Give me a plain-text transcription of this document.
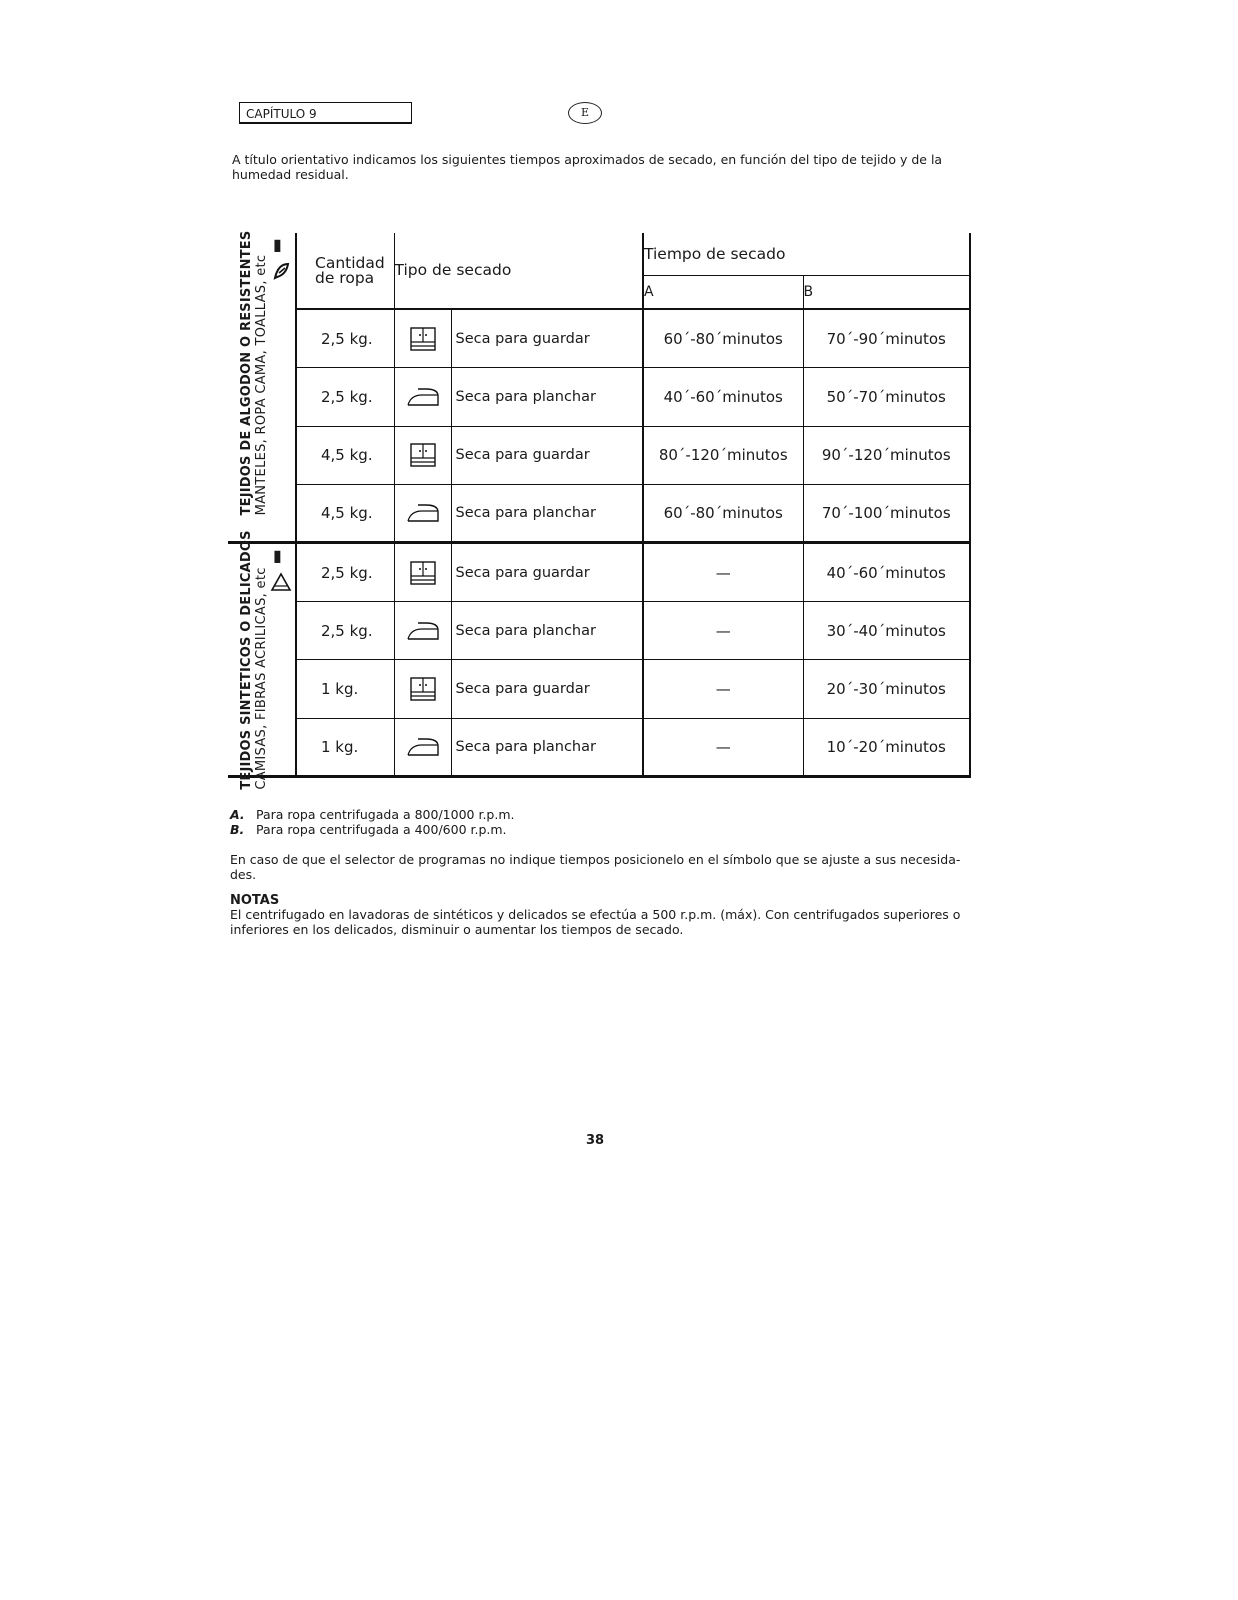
CAPÍTULO 9	E
A título orientativo indicamos los siguientes tiempos aproximados de secado, en función del tipo de tejido y de la humedad residual.
▮
TEJIDOS DE ALGODON O RESISTENTES MANTELES, ROPA CAMA, TOALLAS, etc	Cantidad de ropa	Tipo de secado		Tiempo de secado	
				A	B
	2,5 kg.		Seca para guardar	60´-80´minutos	70´-90´minutos
	2,5 kg.		Seca para planchar	40´-60´minutos	50´-70´minutos
	4,5 kg.		Seca para guardar	80´-120´minutos	90´-120´minutos
	4,5 kg.		Seca para planchar	60´-80´minutos	70´-100´minutos

▮
TEJIDOS SINTETICOS O DELICADOS CAMISAS, FIBRAS ACRILICAS, etc	2,5 kg.		Seca para guardar	—	40´-60´minutos
	2,5 kg.		Seca para planchar	—	30´-40´minutos
	1 kg.		Seca para guardar	—	20´-30´minutos
	1 kg.		Seca para planchar	—	10´-20´minutos
A. Para ropa centrifugada a 800/1000 r.p.m.
B. Para ropa centrifugada a 400/600 r.p.m.
En caso de que el selector de programas no indique tiempos posicionelo en el símbolo que se ajuste a sus necesida-des.
NOTAS
El centrifugado en lavadoras de sintéticos y delicados se efectúa a 500 r.p.m. (máx). Con centrifugados superiores o inferiores en los delicados, disminuir o aumentar los tiempos de secado.
38
